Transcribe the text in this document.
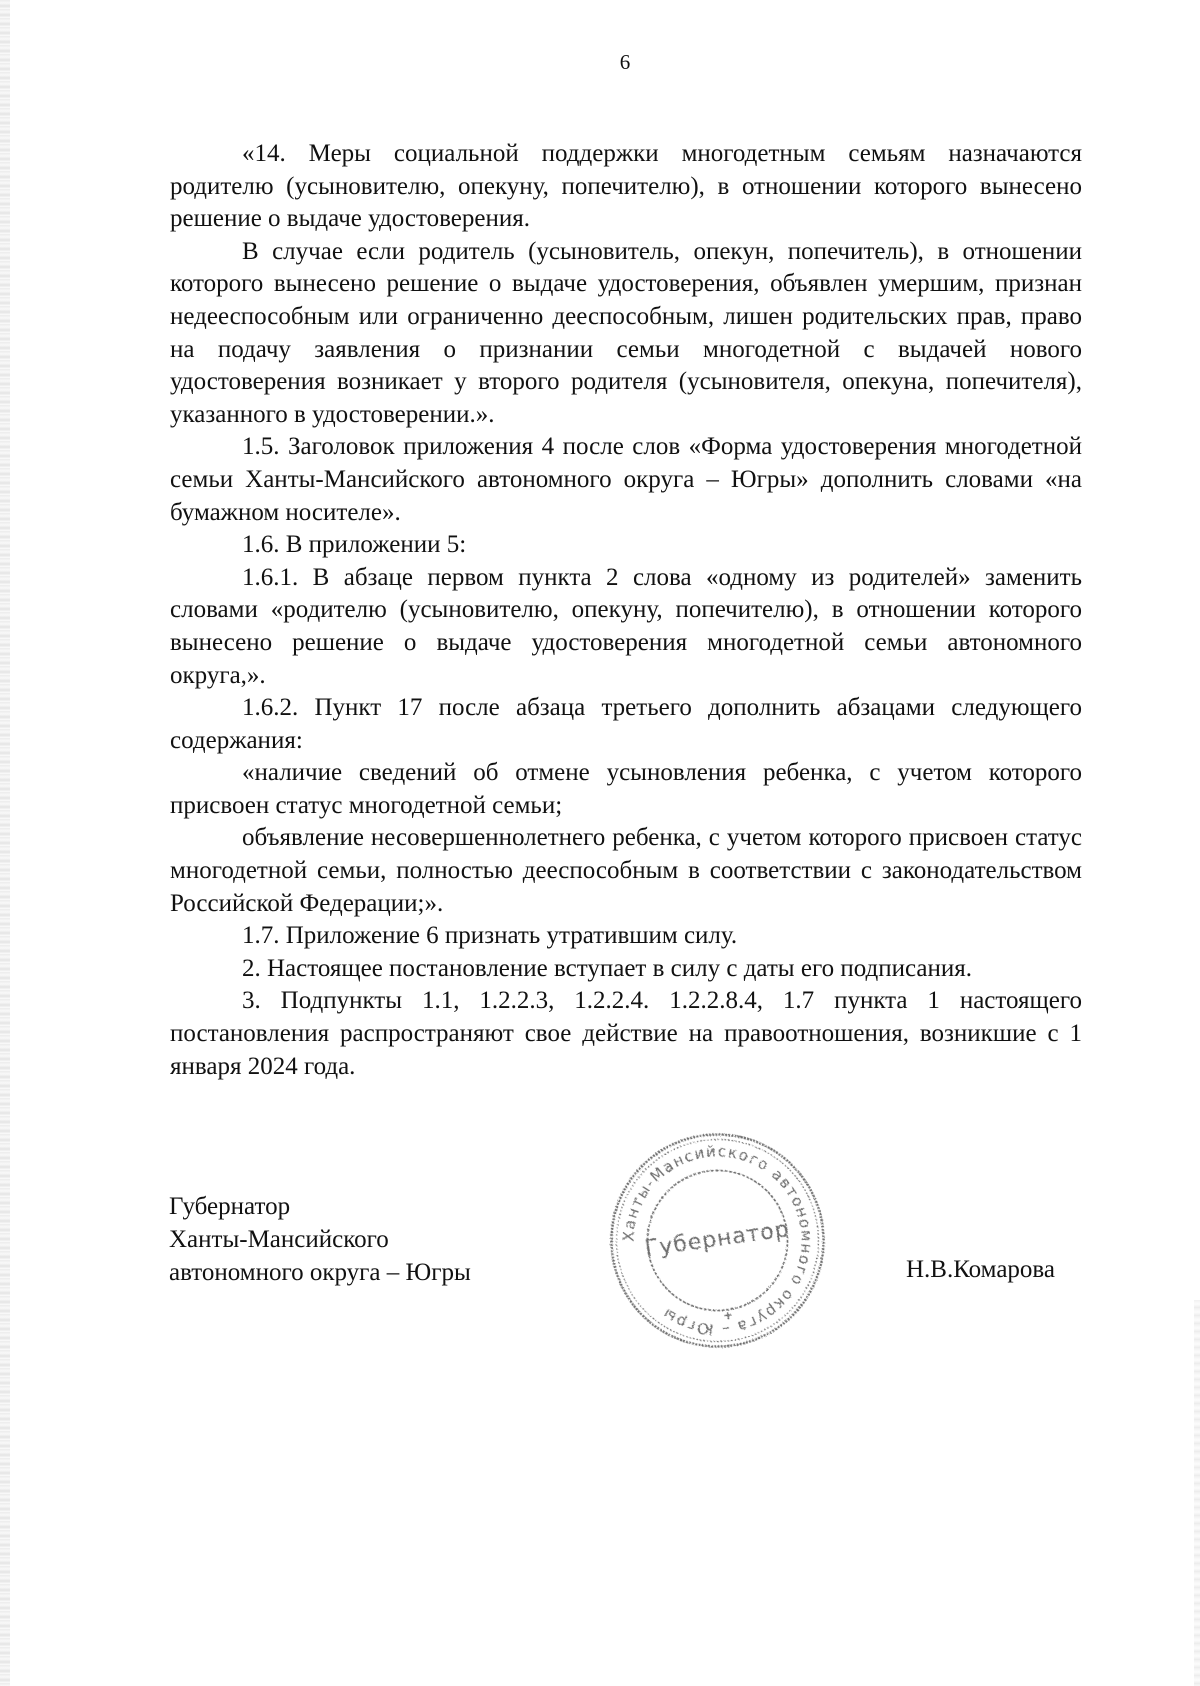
6

«14. Меры социальной поддержки многодетным семьям назначаются родителю (усыновителю, опекуну, попечителю), в отношении которого вынесено решение о выдаче удостоверения.

В случае если родитель (усыновитель, опекун, попечитель), в отношении которого вынесено решение о выдаче удостоверения, объявлен умершим, признан недееспособным или ограниченно дееспособным, лишен родительских прав, право на подачу заявления о признании семьи многодетной с выдачей нового удостоверения возникает у второго родителя (усыновителя, опекуна, попечителя), указанного в удостоверении.».

1.5. Заголовок приложения 4 после слов «Форма удостоверения многодетной семьи Ханты-Мансийского автономного округа – Югры» дополнить словами «на бумажном носителе».

1.6. В приложении 5:

1.6.1. В абзаце первом пункта 2 слова «одному из родителей» заменить словами «родителю (усыновителю, опекуну, попечителю), в отношении которого вынесено решение о выдаче удостоверения многодетной семьи автономного округа,».

1.6.2. Пункт 17 после абзаца третьего дополнить абзацами следующего содержания:

«наличие сведений об отмене усыновления ребенка, с учетом которого присвоен статус многодетной семьи;

объявление несовершеннолетнего ребенка, с учетом которого присвоен статус многодетной семьи, полностью дееспособным в соответствии с законодательством Российской Федерации;».

1.7. Приложение 6 признать утратившим силу.

2. Настоящее постановление вступает в силу с даты его подписания.

3. Подпункты 1.1, 1.2.2.3, 1.2.2.4. 1.2.2.8.4, 1.7 пункта 1 настоящего постановления распространяют свое действие на правоотношения, возникшие с 1 января 2024 года.

Губернатор
Ханты-Мансийского
автономного округа – Югры
Ханты-Мансийского автономного округа – Югры
Губернатор
Н.В.Комарова
